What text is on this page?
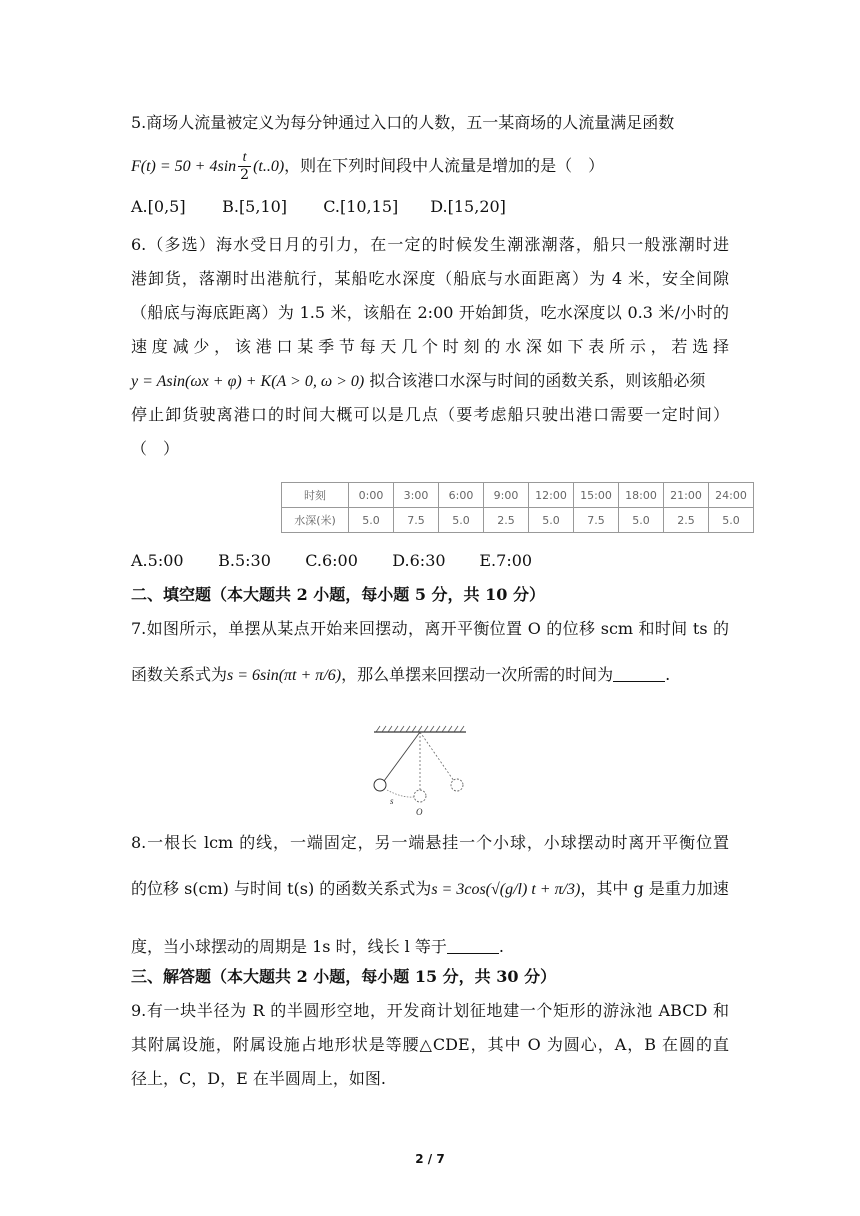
5.商场人流量被定义为每分钟通过入口的人数，五一某商场的人流量满足函数
$F(t) = 50 + 4\sin \frac{t}{2} (t..0)$，则在下列时间段中人流量是增加的是（　）
A.[0,5] B.[5,10] C.[10,15] D.[15,20]
6.（多选）海水受日月的引力，在一定的时候发生潮涨潮落，船只一般涨潮时进
港卸货，落潮时出港航行，某船吃水深度（船底与水面距离）为 4 米，安全间隙
（船底与海底距离）为 1.5 米，该船在 2:00 开始卸货，吃水深度以 0.3 米/小时的
速度减少，该港口某季节每天几个时刻的水深如下表所示，若选择
y = Asin(ωx + φ) + K(A > 0, ω > 0) 拟合该港口水深与时间的函数关系，则该船必须
停止卸货驶离港口的时间大概可以是几点（要考虑船只驶出港口需要一定时间）
（　）
时刻	0:00	3:00	6:00	9:00	12:00	15:00	18:00	21:00	24:00
水深(米)	5.0	7.5	5.0	2.5	5.0	7.5	5.0	2.5	5.0
A.5:00 B.5:30 C.6:00 D.6:30 E.7:00
二、填空题（本大题共 2 小题，每小题 5 分，共 10 分）
7.如图所示，单摆从某点开始来回摆动，离开平衡位置 O 的位移 scm 和时间 ts 的
函数关系式为s = 6sin(πt + π/6)，那么单摆来回摆动一次所需的时间为	.
s
O
8.一根长 lcm 的线，一端固定，另一端悬挂一个小球，小球摆动时离开平衡位置
的位移 s(cm) 与时间 t(s) 的函数关系式为s = 3cos(√(g/l) t + π/3)，其中 g 是重力加速
度，当小球摆动的周期是 1s 时，线长 l 等于	.
三、解答题（本大题共 2 小题，每小题 15 分，共 30 分）
9.有一块半径为 R 的半圆形空地，开发商计划征地建一个矩形的游泳池 ABCD 和
其附属设施，附属设施占地形状是等腰△CDE，其中 O 为圆心，A，B 在圆的直
径上，C，D，E 在半圆周上，如图.
2 / 7
